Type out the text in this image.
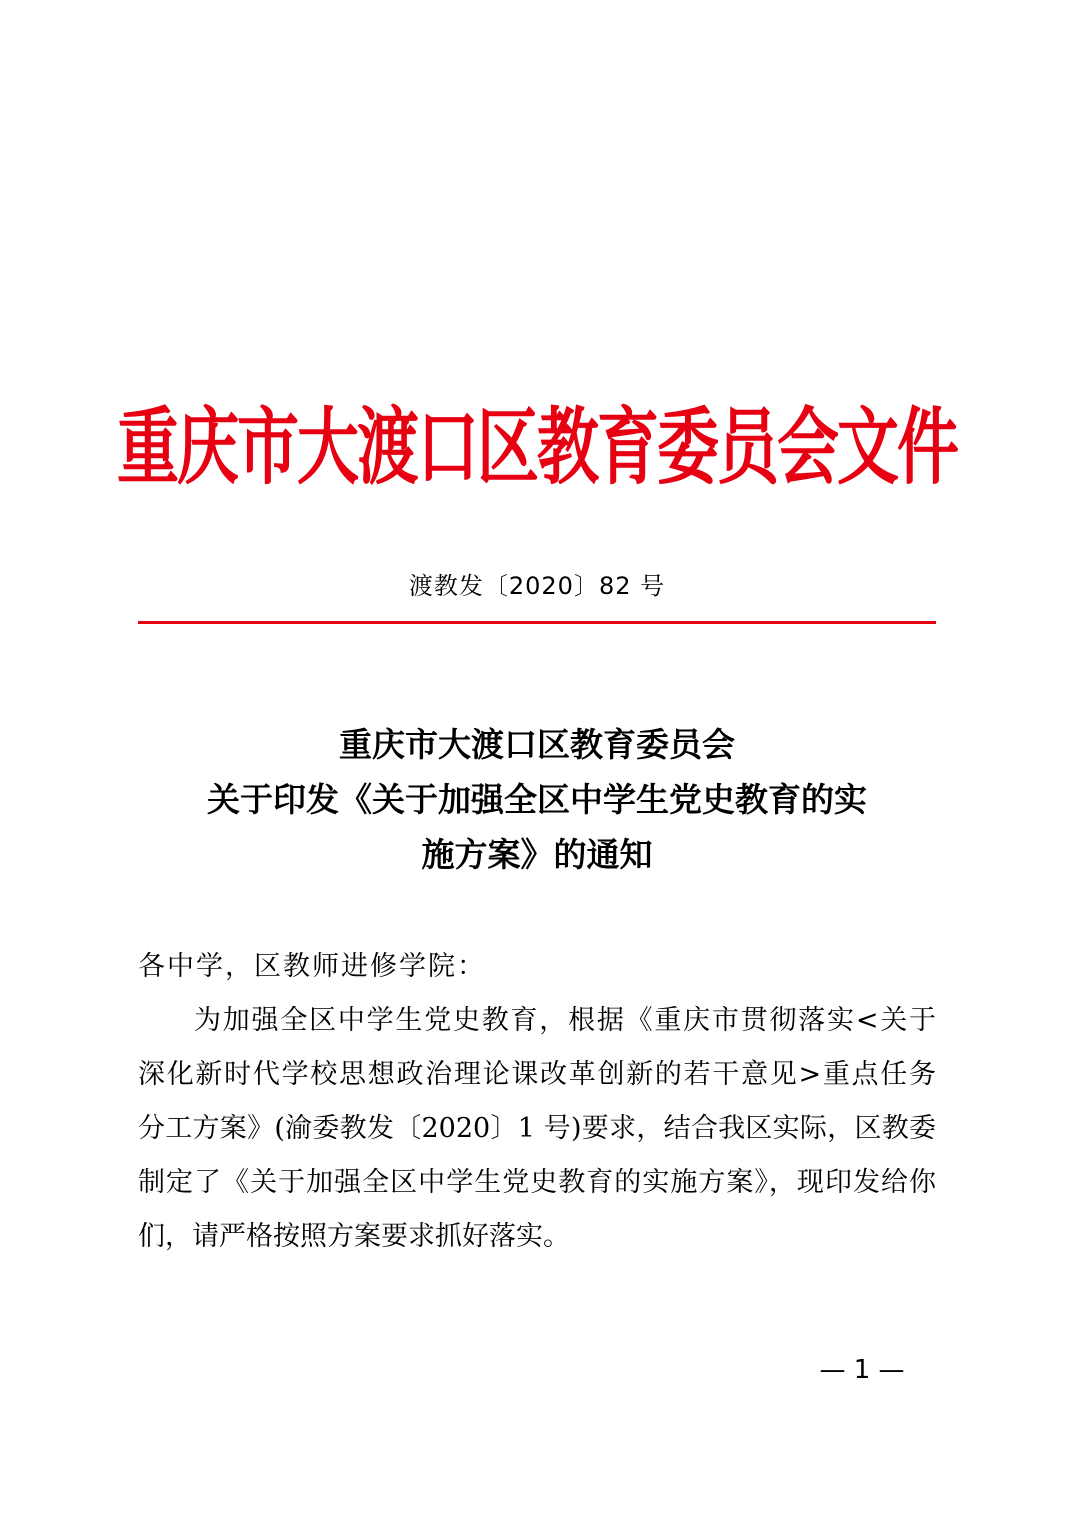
重庆市大渡口区教育委员会文件
渡教发〔2020〕82 号
重庆市大渡口区教育委员会
关于印发《关于加强全区中学生党史教育的实
施方案》的通知
各中学，区教师进修学院：
为加强全区中学生党史教育，根据《重庆市贯彻落实<关于
深化新时代学校思想政治理论课改革创新的若干意见>重点任务
分工方案》(渝委教发〔2020〕1 号)要求，结合我区实际，区教委
制定了《关于加强全区中学生党史教育的实施方案》，现印发给你
们，请严格按照方案要求抓好落实。
— 1 —
